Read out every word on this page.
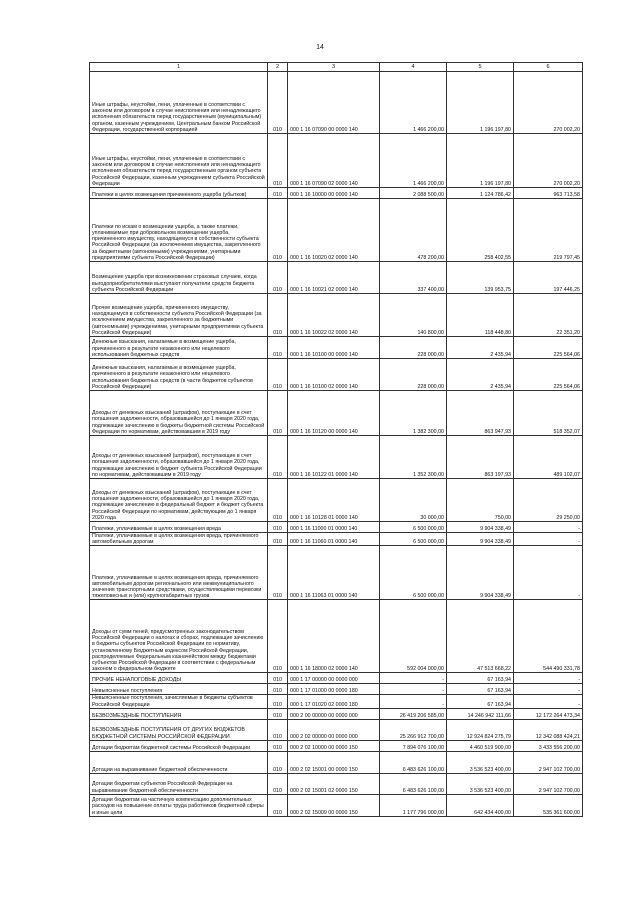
14
1	2	3	4	5	6
Иные штрафы, неустойки, пени, уплаченные в соответствии с законом или договором в случае неисполнения или ненадлежащего исполнения обязательств перед государственным (муниципальным) органом, казенным учреждением, Центральным банком Российской Федерации, государственной корпорацией	010	000 1 16 07090 00 0000 140	1 466 200,00	1 196 197,80	270 002,20
Иные штрафы, неустойки, пени, уплаченные в соответствии с законом или договором в случае неисполнения или ненадлежащего исполнения обязательств перед государственным органом субъекта Российской Федерации, казенным учреждением субъекта Российской Федерации	010	000 1 16 07090 02 0000 140	1 466 200,00	1 196 197,80	270 002,20
Платежи в целях возмещения причиненного ущерба (убытков)	010	000 1 16 10000 00 0000 140	2 088 500,00	1 124 786,42	963 713,58
Платежи по искам о возмещении ущерба, а также платежи, уплачиваемые при добровольном возмещении ущерба, причиненного имуществу, находящемуся в собственности субъекта Российской Федерации (за исключением имущества, закрепленного за бюджетными (автономными) учреждениями, унитарными предприятиями субъекта Российской Федерации)	010	000 1 16 10020 02 0000 140	478 200,00	258 402,55	219 797,45
Возмещение ущерба при возникновении страховых случаев, когда выгодоприобретателями выступают получатели средств бюджета субъекта Российской Федерации	010	000 1 16 10021 02 0000 140	337 400,00	139 953,75	197 446,25
Прочее возмещение ущерба, причиненного имуществу, находящемуся в собственности субъекта Российской Федерации (за исключением имущества, закрепленного за бюджетными (автономными) учреждениями, унитарными предприятиями субъекта Российской Федерации)	010	000 1 16 10022 02 0000 140	140 800,00	118 448,80	22 351,20
Денежные взыскания, налагаемые в возмещение ущерба, причиненного в результате незаконного или нецелевого использования бюджетных средств	010	000 1 16 10100 00 0000 140	228 000,00	2 435,94	225 564,06
Денежные взыскания, налагаемые в возмещение ущерба, причиненного в результате незаконного или нецелевого использования бюджетных средств (в части бюджетов субъектов Российской Федерации)	010	000 1 16 10100 02 0000 140	228 000,00	2 435,94	225 564,06
Доходы от денежных взысканий (штрафов), поступающие в счет погашения задолженности, образовавшейся до 1 января 2020 года, подлежащие зачислению в бюджеты бюджетной системы Российской Федерации по нормативам, действовавшим в 2019 году	010	000 1 16 10120 00 0000 140	1 382 300,00	863 947,93	518 352,07
Доходы от денежных взысканий (штрафов), поступающие в счет погашения задолженности, образовавшейся до 1 января 2020 года, подлежащие зачислению в бюджет субъекта Российской Федерации по нормативам, действовавшим в 2019 году	010	000 1 16 10122 01 0000 140	1 352 300,00	863 197,93	489 102,07
Доходы от денежных взысканий (штрафов), поступающие в счет погашения задолженности, образовавшейся до 1 января 2020 года, подлежащие зачислению в федеральный бюджет и бюджет субъекта Российской Федерации по нормативам, действующим до 1 января 2020 года	010	000 1 16 10128 01 0000 140	30 000,00	750,00	29 250,00
Платежи, уплачиваемые в целях возмещения вреда	010	000 1 16 11000 01 0000 140	6 500 000,00	9 904 338,49	-
Платежи, уплачиваемые в целях возмещения вреда, причиняемого автомобильным дорогам	010	000 1 16 11060 01 0000 140	6 500 000,00	9 904 338,49	-
Платежи, уплачиваемые в целях возмещения вреда, причиняемого автомобильным дорогам регионального или межмуниципального значения транспортными средствами, осуществляющими перевозки тяжеловесных и (или) крупногабаритных грузов	010	000 1 16 11063 01 0000 140	6 500 000,00	9 904 338,49	-
Доходы от сумм пеней, предусмотренных законодательством Российской Федерации о налогах и сборах, подлежащие зачислению в бюджеты субъектов Российской Федерации по нормативу, установленному Бюджетным кодексом Российской Федерации, распределяемые Федеральным казначейством между бюджетами субъектов Российской Федерации в соответствии с федеральным законом о федеральном бюджете	010	000 1 16 18000 02 0000 140	592 004 000,00	47 513 668,22	544 490 331,78
ПРОЧИЕ НЕНАЛОГОВЫЕ ДОХОДЫ	010	000 1 17 00000 00 0000 000	-	67 163,94	-
Невыясненные поступления	010	000 1 17 01000 00 0000 180	-	67 163,94	-
Невыясненные поступления, зачисляемые в бюджеты субъектов Российской Федерации	010	000 1 17 01020 02 0000 180	-	67 163,94	-
БЕЗВОЗМЕЗДНЫЕ ПОСТУПЛЕНИЯ	010	000 2 00 00000 00 0000 000	26 419 206 585,00	14 246 942 111,66	12 172 264 473,34
БЕЗВОЗМЕЗДНЫЕ ПОСТУПЛЕНИЯ ОТ ДРУГИХ БЮДЖЕТОВ БЮДЖЕТНОЙ СИСТЕМЫ РОССИЙСКОЙ ФЕДЕРАЦИИ	010	000 2 02 00000 00 0000 000	25 266 912 700,00	12 924 824 275,79	12 342 088 424,21
Дотации бюджетам бюджетной системы Российской Федерации	010	000 2 02 10000 00 0000 150	7 894 076 100,00	4 460 519 900,00	3 433 556 200,00
Дотации на выравнивание бюджетной обеспеченности	010	000 2 02 15001 00 0000 150	6 483 626 100,00	3 536 523 400,00	2 947 102 700,00
Дотации бюджетам субъектов Российской Федерации на выравнивание бюджетной обеспеченности	010	000 2 02 15001 02 0000 150	6 483 626 100,00	3 536 523 400,00	2 947 102 700,00
Дотации бюджетам на частичную компенсацию дополнительных расходов на повышение оплаты труда работников бюджетной сферы и иные цели	010	000 2 02 15009 00 0000 150	1 177 796 000,00	642 434 400,00	535 361 600,00
